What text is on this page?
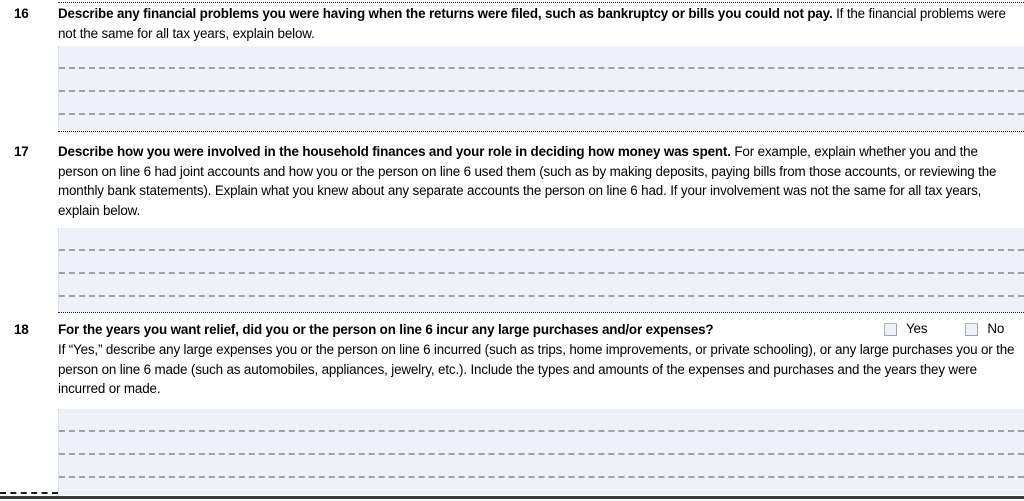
16 Describe any financial problems you were having when the returns were filed, such as bankruptcy or bills you could not pay. If the financial problems were not the same for all tax years, explain below.
17 Describe how you were involved in the household finances and your role in deciding how money was spent. For example, explain whether you and the person on line 6 had joint accounts and how you or the person on line 6 used them (such as by making deposits, paying bills from those accounts, or reviewing the monthly bank statements). Explain what you knew about any separate accounts the person on line 6 had. If your involvement was not the same for all tax years, explain below.
18 For the years you want relief, did you or the person on line 6 incur any large purchases and/or expenses?	Yes	No
If “Yes,” describe any large expenses you or the person on line 6 incurred (such as trips, home improvements, or private schooling), or any large purchases you or the person on line 6 made (such as automobiles, appliances, jewelry, etc.). Include the types and amounts of the expenses and purchases and the years they were incurred or made.
